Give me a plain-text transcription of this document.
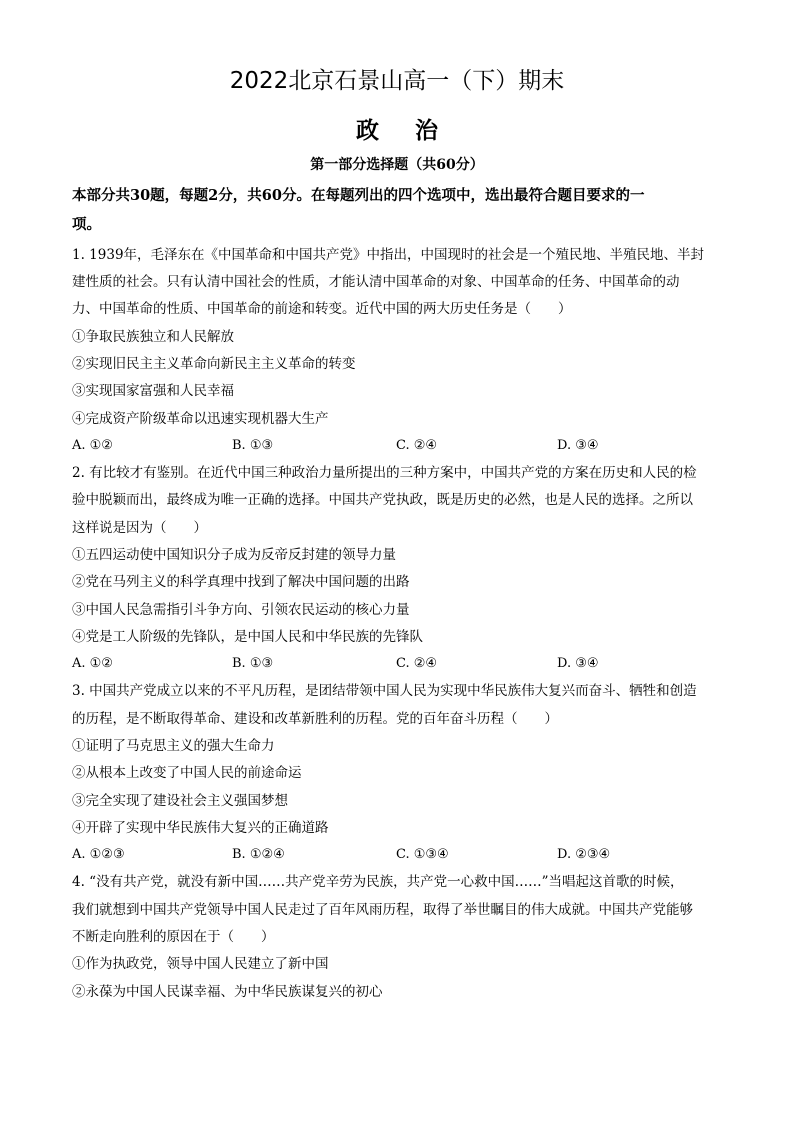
2022北京石景山高一（下）期末
政 治
第一部分选择题（共60分）
本部分共30题，每题2分，共60分。在每题列出的四个选项中，选出最符合题目要求的一
项。
1. 1939年，毛泽东在《中国革命和中国共产党》中指出，中国现时的社会是一个殖民地、半殖民地、半封
建性质的社会。只有认清中国社会的性质，才能认清中国革命的对象、中国革命的任务、中国革命的动
力、中国革命的性质、中国革命的前途和转变。近代中国的两大历史任务是（　　）
①争取民族独立和人民解放
②实现旧民主主义革命向新民主主义革命的转变
③实现国家富强和人民幸福
④完成资产阶级革命以迅速实现机器大生产
A. ①②	B. ①③	C. ②④	D. ③④
2. 有比较才有鉴别。在近代中国三种政治力量所提出的三种方案中，中国共产党的方案在历史和人民的检
验中脱颖而出，最终成为唯一正确的选择。中国共产党执政，既是历史的必然，也是人民的选择。之所以
这样说是因为（　　）
①五四运动使中国知识分子成为反帝反封建的领导力量
②党在马列主义的科学真理中找到了解决中国问题的出路
③中国人民急需指引斗争方向、引领农民运动的核心力量
④党是工人阶级的先锋队，是中国人民和中华民族的先锋队
A. ①②	B. ①③	C. ②④	D. ③④
3. 中国共产党成立以来的不平凡历程，是团结带领中国人民为实现中华民族伟大复兴而奋斗、牺牲和创造
的历程，是不断取得革命、建设和改革新胜利的历程。党的百年奋斗历程（　　）
①证明了马克思主义的强大生命力
②从根本上改变了中国人民的前途命运
③完全实现了建设社会主义强国梦想
④开辟了实现中华民族伟大复兴的正确道路
A. ①②③	B. ①②④	C. ①③④	D. ②③④
4. “没有共产党，就没有新中国……共产党辛劳为民族，共产党一心救中国……”当唱起这首歌的时候，
我们就想到中国共产党领导中国人民走过了百年风雨历程，取得了举世瞩目的伟大成就。中国共产党能够
不断走向胜利的原因在于（　　）
①作为执政党，领导中国人民建立了新中国
②永葆为中国人民谋幸福、为中华民族谋复兴的初心
